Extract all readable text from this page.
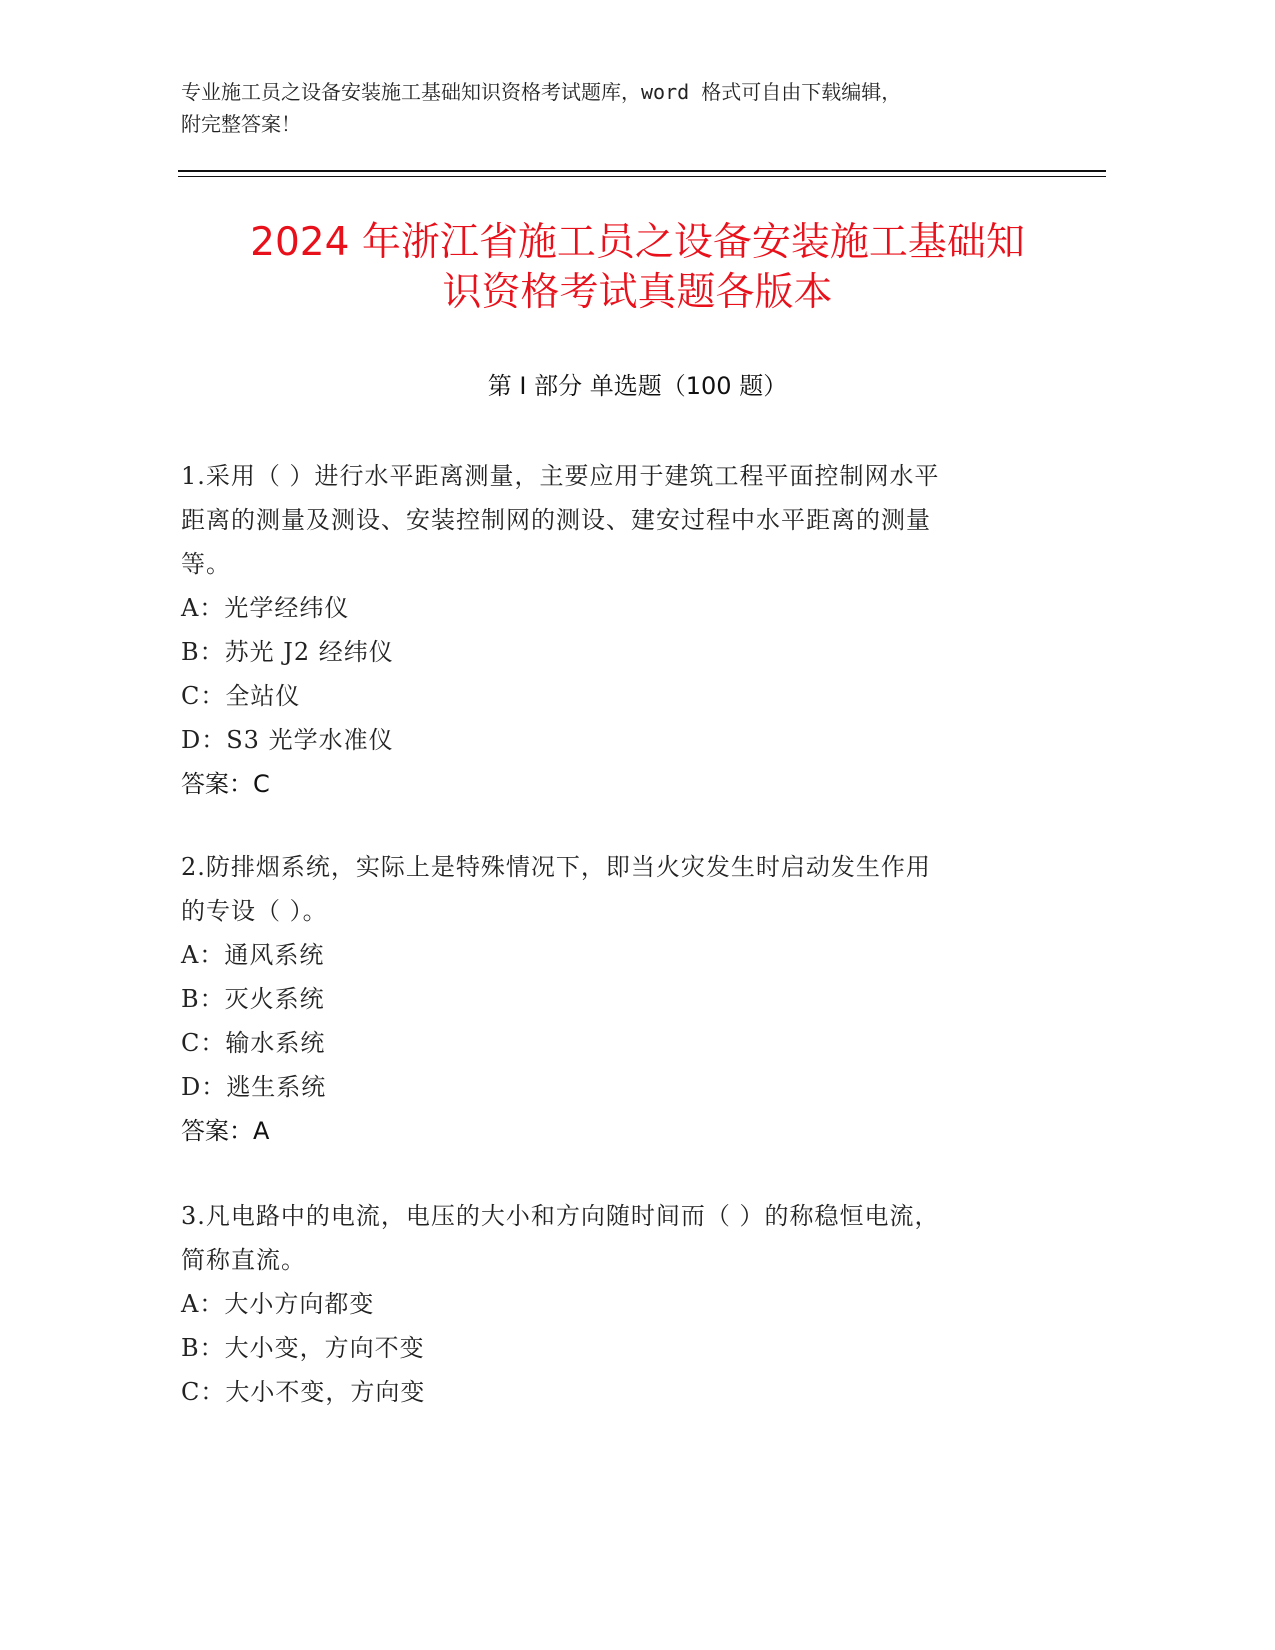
专业施工员之设备安装施工基础知识资格考试题库，word 格式可自由下载编辑，
附完整答案！
2024 年浙江省施工员之设备安装施工基础知
识资格考试真题各版本
第 I 部分 单选题（100 题）
1.采用（ ）进行水平距离测量，主要应用于建筑工程平面控制网水平
距离的测量及测设、安装控制网的测设、建安过程中水平距离的测量
等。
A：光学经纬仪
B：苏光 J2 经纬仪
C：全站仪
D：S3 光学水准仪
答案：C
2.防排烟系统，实际上是特殊情况下，即当火灾发生时启动发生作用
的专设（ ）。
A：通风系统
B：灭火系统
C：输水系统
D：逃生系统
答案：A
3.凡电路中的电流，电压的大小和方向随时间而（ ）的称稳恒电流，
简称直流。
A：大小方向都变
B：大小变，方向不变
C：大小不变，方向变
